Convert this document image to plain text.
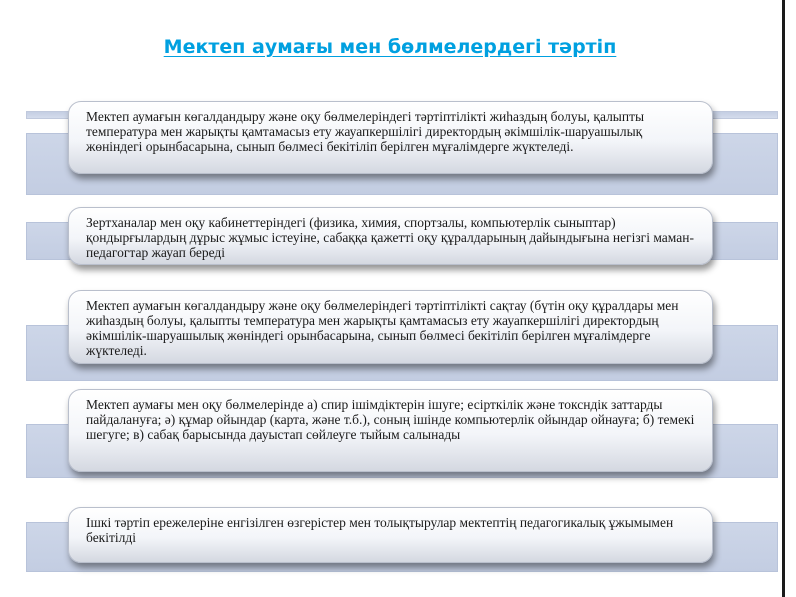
Мектеп аумағы мен бөлмелердегі тәртіп
Мектеп аумағын көгалдандыру және оқу бөлмелеріндегі тәртіптілікті жиһаздың болуы, қалыпты температура мен жарықты қамтамасыз ету жауапкершілігі директордың әкімшілік-шаруашылық жөніндегі орынбасарына, сынып бөлмесі бекітіліп берілген мұғалімдерге жүктеледі.
Зертханалар мен оқу кабинеттеріндегі (физика, химия, спортзалы, компьютерлік сыныптар) қондырғылардың дұрыс жұмыс істеуіне, сабаққа қажетті оқу құралдарының дайындығына негізгі маман-педагогтар жауап береді
Мектеп аумағын көгалдандыру және оқу бөлмелеріндегі тәртіптілікті сақтау (бүтін оқу құралдары мен жиһаздың болуы, қалыпты температура мен жарықты қамтамасыз ету жауапкершілігі директордың әкімшілік-шаруашылық жөніндегі орынбасарына, сынып бөлмесі бекітіліп берілген мұғалімдерге жүктеледі.
Мектеп аумағы мен оқу бөлмелерінде а) спир ішімдіктерін ішуге; есірткілік және токсндік заттарды пайдалануға; ә) құмар ойындар (карта, жәнe т.б.), соның ішінде компьютерлік ойындар ойнауға; б) темекі шегуге; в) сабақ барысында дауыстап сөйлеуге тыйым салынады
Ішкі тәртіп ережелеріне енгізілген өзгерістер мен толықтырулар мектептің педагогикалық ұжымымен бекітілді
